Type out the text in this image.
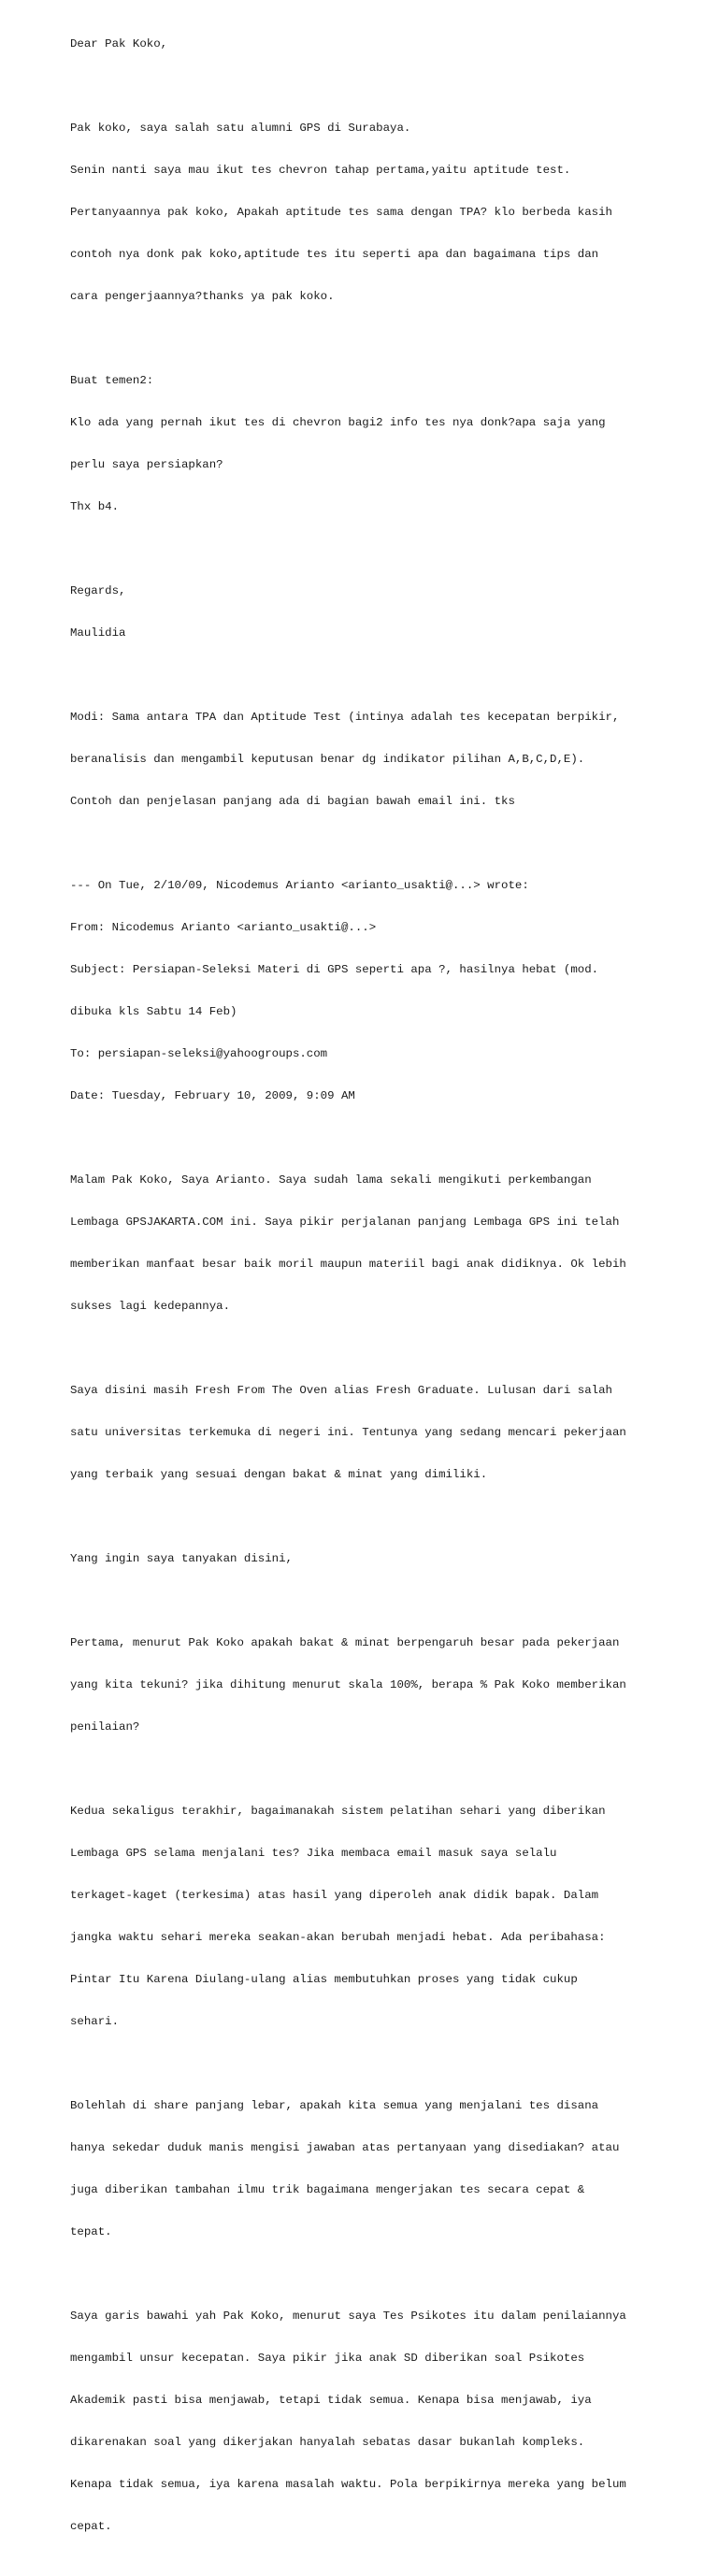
Dear Pak Koko,

Pak koko, saya salah satu alumni GPS di Surabaya.

Senin nanti saya mau ikut tes chevron tahap pertama,yaitu aptitude test.

Pertanyaannya pak koko, Apakah aptitude tes sama dengan TPA? klo berbeda kasih

contoh nya donk pak koko,aptitude tes itu seperti apa dan bagaimana tips dan

cara pengerjaannya?thanks ya pak koko.

Buat temen2:

Klo ada yang pernah ikut tes di chevron bagi2 info tes nya donk?apa saja yang

perlu saya persiapkan?

Thx b4.

Regards,

Maulidia

Modi: Sama antara TPA dan Aptitude Test (intinya adalah tes kecepatan berpikir,

beranalisis dan mengambil keputusan benar dg indikator pilihan A,B,C,D,E).

Contoh dan penjelasan panjang ada di bagian bawah email ini. tks

--- On Tue, 2/10/09, Nicodemus Arianto <arianto_usakti@...> wrote:

From: Nicodemus Arianto <arianto_usakti@...>

Subject: Persiapan-Seleksi Materi di GPS seperti apa ?, hasilnya hebat (mod.

dibuka kls Sabtu 14 Feb)

To: persiapan-seleksi@yahoogroups.com

Date: Tuesday, February 10, 2009, 9:09 AM

Malam Pak Koko, Saya Arianto. Saya sudah lama sekali mengikuti perkembangan

Lembaga GPSJAKARTA.COM ini. Saya pikir perjalanan panjang Lembaga GPS ini telah

memberikan manfaat besar baik moril maupun materiil bagi anak didiknya. Ok lebih

sukses lagi kedepannya.

Saya disini masih Fresh From The Oven alias Fresh Graduate. Lulusan dari salah

satu universitas terkemuka di negeri ini. Tentunya yang sedang mencari pekerjaan

yang terbaik yang sesuai dengan bakat & minat yang dimiliki.

Yang ingin saya tanyakan disini,

Pertama, menurut Pak Koko apakah bakat & minat berpengaruh besar pada pekerjaan

yang kita tekuni? jika dihitung menurut skala 100%, berapa % Pak Koko memberikan

penilaian?

Kedua sekaligus terakhir, bagaimanakah sistem pelatihan sehari yang diberikan

Lembaga GPS selama menjalani tes? Jika membaca email masuk saya selalu

terkaget-kaget (terkesima) atas hasil yang diperoleh anak didik bapak. Dalam

jangka waktu sehari mereka seakan-akan berubah menjadi hebat. Ada peribahasa:

Pintar Itu Karena Diulang-ulang alias membutuhkan proses yang tidak cukup

sehari.

Bolehlah di share panjang lebar, apakah kita semua yang menjalani tes disana

hanya sekedar duduk manis mengisi jawaban atas pertanyaan yang disediakan? atau

juga diberikan tambahan ilmu trik bagaimana mengerjakan tes secara cepat &

tepat.

Saya garis bawahi yah Pak Koko, menurut saya Tes Psikotes itu dalam penilaiannya

mengambil unsur kecepatan. Saya pikir jika anak SD diberikan soal Psikotes

Akademik pasti bisa menjawab, tetapi tidak semua. Kenapa bisa menjawab, iya

dikarenakan soal yang dikerjakan hanyalah sebatas dasar bukanlah kompleks.

Kenapa tidak semua, iya karena masalah waktu. Pola berpikirnya mereka yang belum

cepat.
